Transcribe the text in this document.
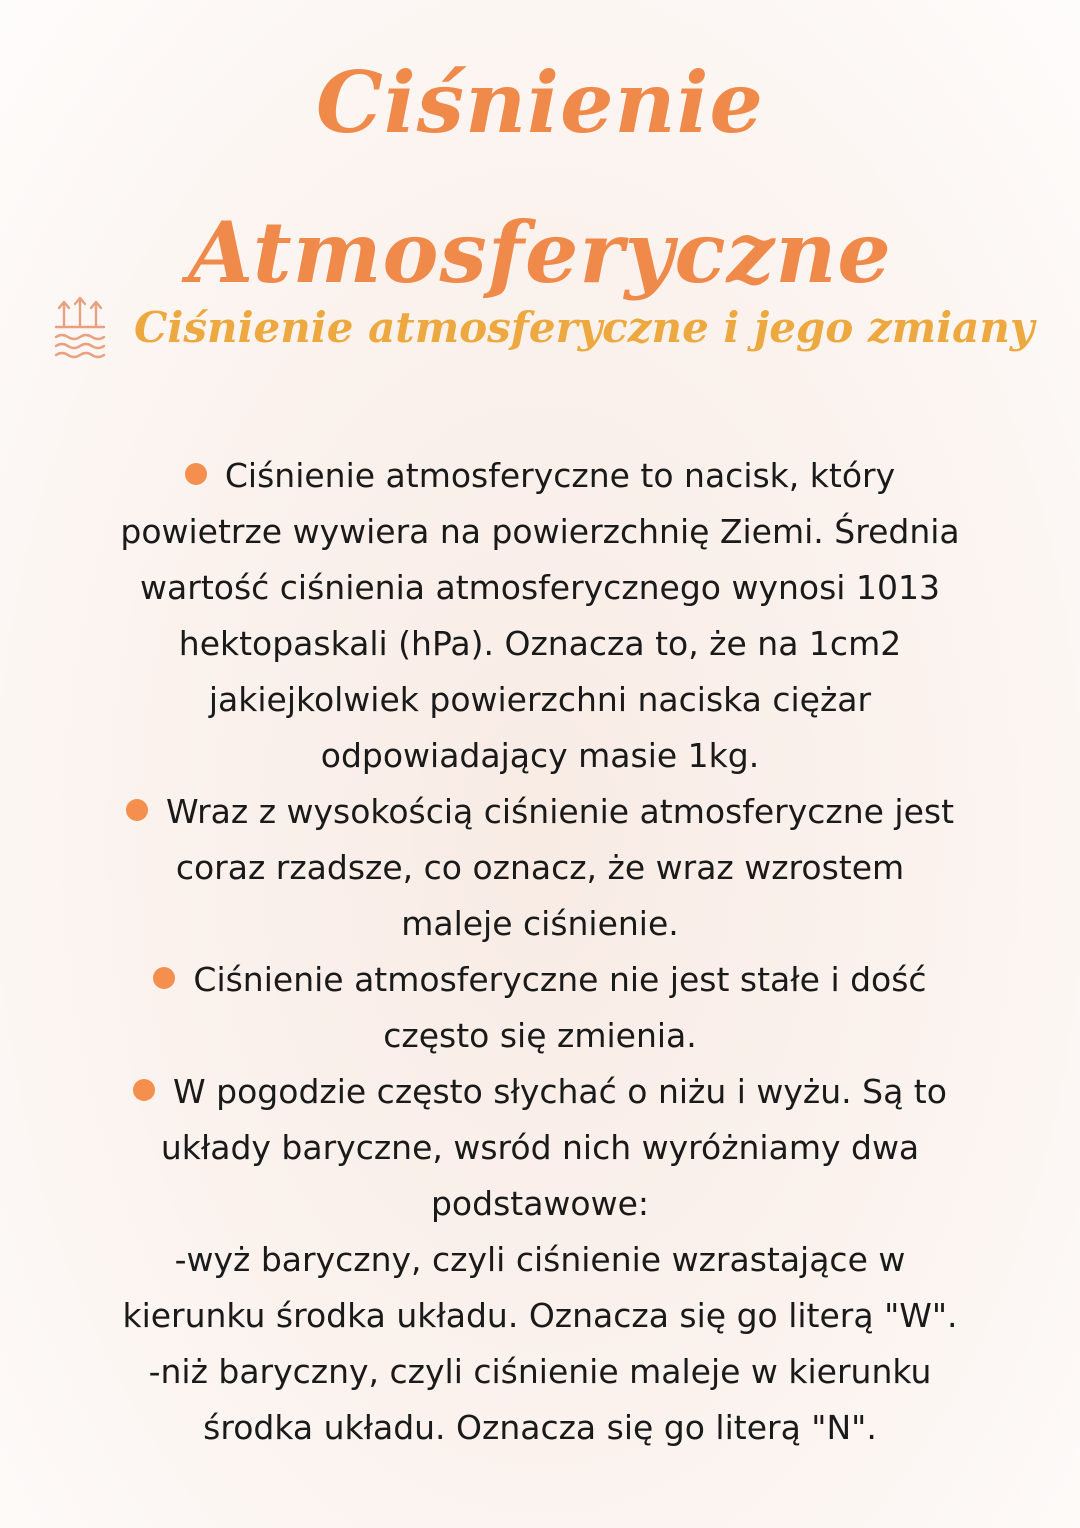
Ciśnienie Atmosferyczne
Ciśnienie atmosferyczne i jego zmiany

Ciśnienie atmosferyczne to nacisk, który
powietrze wywiera na powierzchnię Ziemi. Średnia
wartość ciśnienia atmosferycznego wynosi 1013
hektopaskali (hPa). Oznacza to, że na 1cm2
jakiejkolwiek powierzchni naciska ciężar
odpowiadający masie 1kg.

Wraz z wysokością ciśnienie atmosferyczne jest
coraz rzadsze, co oznacz, że wraz wzrostem
maleje ciśnienie.

Ciśnienie atmosferyczne nie jest stałe i dość
często się zmienia.

W pogodzie często słychać o niżu i wyżu. Są to
układy baryczne, wsród nich wyróżniamy dwa
podstawowe:
-wyż baryczny, czyli ciśnienie wzrastające w
kierunku środka układu. Oznacza się go literą "W".
-niż baryczny, czyli ciśnienie maleje w kierunku
środka układu. Oznacza się go literą "N".
